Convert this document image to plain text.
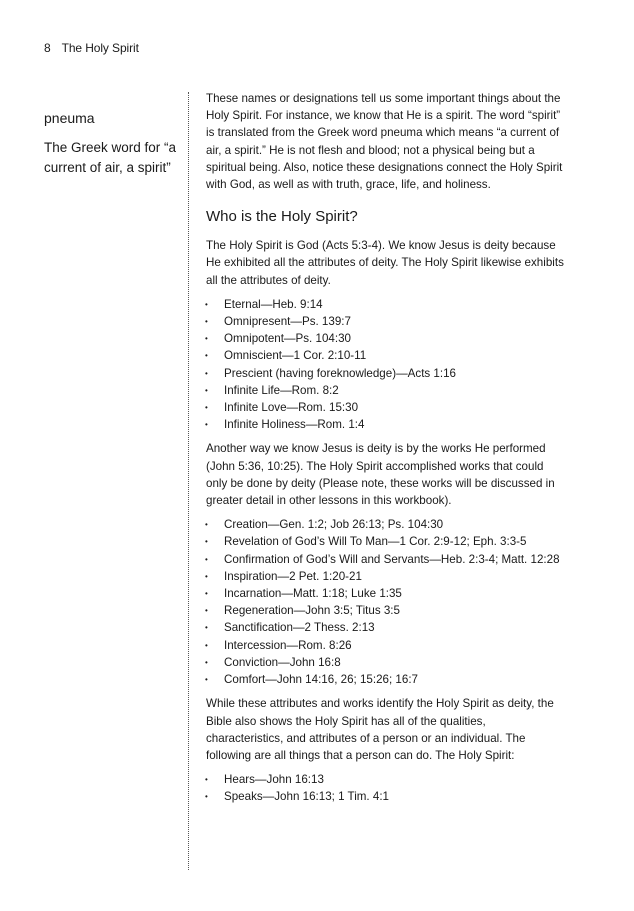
8 The Holy Spirit

pneuma

The Greek word for “a current of air, a spirit”

These names or designations tell us some important things about the Holy Spirit. For instance, we know that He is a spirit. The word “spirit” is translated from the Greek word pneuma which means “a current of air, a spirit.” He is not flesh and blood; not a physical being but a spiritual being. Also, notice these designations connect the Holy Spirit with God, as well as with truth, grace, life, and holiness.

Who is the Holy Spirit?

The Holy Spirit is God (Acts 5:3-4). We know Jesus is deity because He exhibited all the attributes of deity. The Holy Spirit likewise exhibits all the attributes of deity.

• Eternal—Heb. 9:14
• Omnipresent—Ps. 139:7
• Omnipotent—Ps. 104:30
• Omniscient—1 Cor. 2:10-11
• Prescient (having foreknowledge)—Acts 1:16
• Infinite Life—Rom. 8:2
• Infinite Love—Rom. 15:30
• Infinite Holiness—Rom. 1:4

Another way we know Jesus is deity is by the works He performed (John 5:36, 10:25). The Holy Spirit accomplished works that could only be done by deity (Please note, these works will be discussed in greater detail in other lessons in this workbook).

• Creation—Gen. 1:2; Job 26:13; Ps. 104:30
• Revelation of God’s Will To Man—1 Cor. 2:9-12; Eph. 3:3-5
• Confirmation of God’s Will and Servants—Heb. 2:3-4; Matt. 12:28
• Inspiration—2 Pet. 1:20-21
• Incarnation—Matt. 1:18; Luke 1:35
• Regeneration—John 3:5; Titus 3:5
• Sanctification—2 Thess. 2:13
• Intercession—Rom. 8:26
• Conviction—John 16:8
• Comfort—John 14:16, 26; 15:26; 16:7

While these attributes and works identify the Holy Spirit as deity, the Bible also shows the Holy Spirit has all of the qualities, characteristics, and attributes of a person or an individual. The following are all things that a person can do. The Holy Spirit:

• Hears—John 16:13
• Speaks—John 16:13; 1 Tim. 4:1
